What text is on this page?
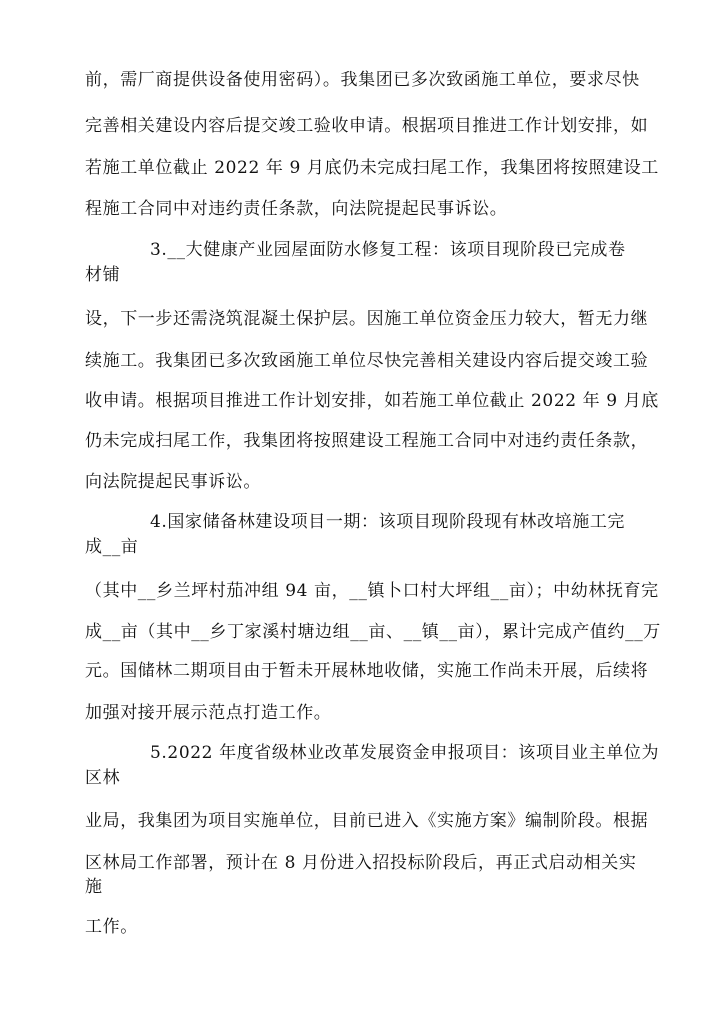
前，需厂商提供设备使用密码）。我集团已多次致函施工单位，要求尽快
完善相关建设内容后提交竣工验收申请。根据项目推进工作计划安排，如
若施工单位截止 2022 年 9 月底仍未完成扫尾工作，我集团将按照建设工
程施工合同中对违约责任条款，向法院提起民事诉讼。
3.__大健康产业园屋面防水修复工程：该项目现阶段已完成卷
材铺
设，下一步还需浇筑混凝土保护层。因施工单位资金压力较大，暂无力继
续施工。我集团已多次致函施工单位尽快完善相关建设内容后提交竣工验
收申请。根据项目推进工作计划安排，如若施工单位截止 2022 年 9 月底
仍未完成扫尾工作，我集团将按照建设工程施工合同中对违约责任条款，
向法院提起民事诉讼。
4.国家储备林建设项目一期：该项目现阶段现有林改培施工完
成__亩
（其中__乡兰坪村茄冲组 94 亩，__镇卜口村大坪组__亩）；中幼林抚育完
成__亩（其中__乡丁家溪村塘边组__亩、__镇__亩），累计完成产值约__万
元。国储林二期项目由于暂未开展林地收储，实施工作尚未开展，后续将
加强对接开展示范点打造工作。
5.2022 年度省级林业改革发展资金申报项目：该项目业主单位为
区林
业局，我集团为项目实施单位，目前已进入《实施方案》编制阶段。根据
区林局工作部署，预计在 8 月份进入招投标阶段后，再正式启动相关实
施
工作。
